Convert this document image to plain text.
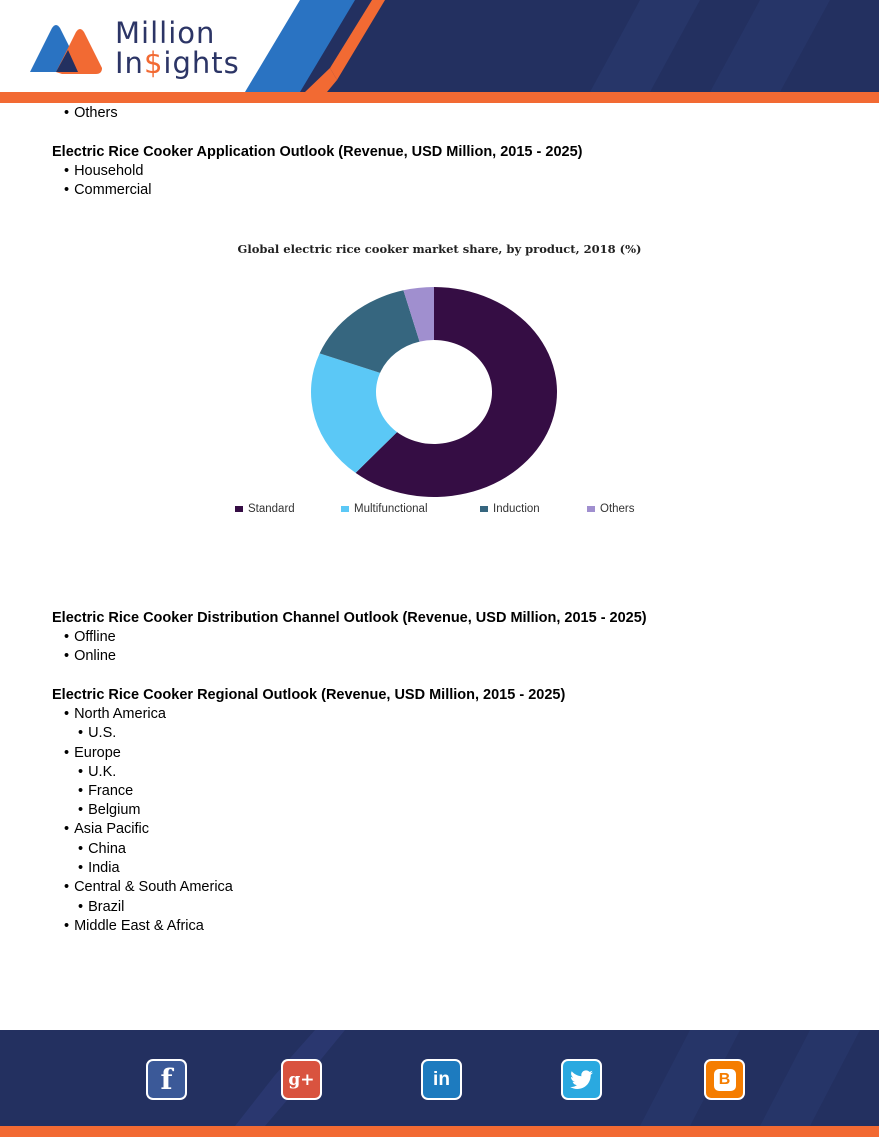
Million
In$ights
• Others
Electric Rice Cooker Application Outlook (Revenue, USD Million, 2015 - 2025)
• Household
• Commercial
Global electric rice cooker market share, by product, 2018 (%)
Standard	Multifunctional	Induction	Others
Electric Rice Cooker Distribution Channel Outlook (Revenue, USD Million, 2015 - 2025)
• Offline
• Online
Electric Rice Cooker Regional Outlook (Revenue, USD Million, 2015 - 2025)
• North America
• U.S.
• Europe
• U.K.
• France
• Belgium
• Asia Pacific
• China
• India
• Central & South America
• Brazil
• Middle East & Africa
f	g+	in	B
